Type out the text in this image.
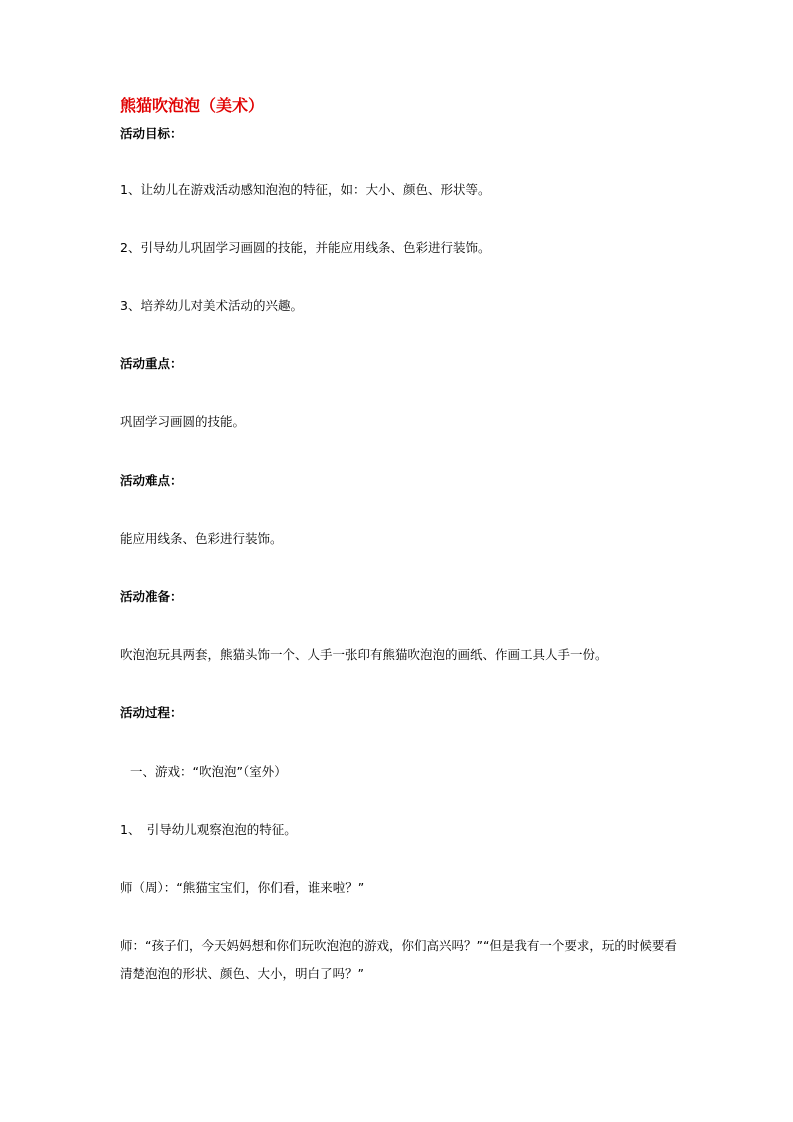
熊猫吹泡泡（美术）
活动目标：
1、让幼儿在游戏活动感知泡泡的特征，如：大小、颜色、形状等。
2、引导幼儿巩固学习画圆的技能，并能应用线条、色彩进行装饰。
3、培养幼儿对美术活动的兴趣。
活动重点：
巩固学习画圆的技能。
活动难点：
能应用线条、色彩进行装饰。
活动准备：
吹泡泡玩具两套，熊猫头饰一个、人手一张印有熊猫吹泡泡的画纸、作画工具人手一份。
活动过程：
一、游戏：“吹泡泡”（室外）
1、　引导幼儿观察泡泡的特征。
师（周）：“熊猫宝宝们，你们看，谁来啦？”
师：“孩子们，今天妈妈想和你们玩吹泡泡的游戏，你们高兴吗？”“但是我有一个要求，玩的时候要看清楚泡泡的形状、颜色、大小，明白了吗？”
